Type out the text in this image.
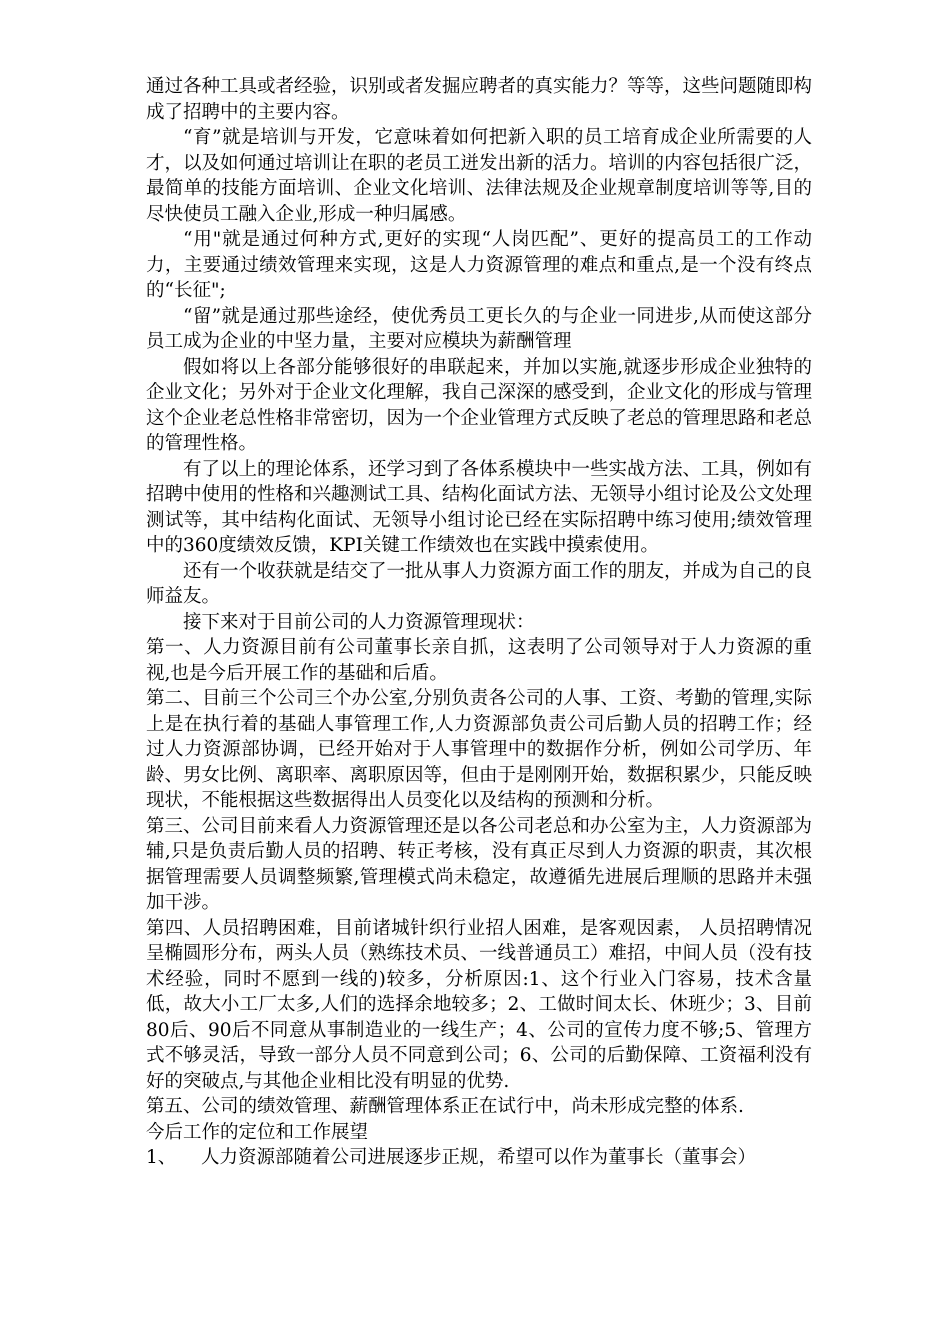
通过各种工具或者经验，识别或者发掘应聘者的真实能力？等等，这些问题随即构成了招聘中的主要内容。

“育”就是培训与开发，它意味着如何把新入职的员工培育成企业所需要的人才，以及如何通过培训让在职的老员工迸发出新的活力。培训的内容包括很广泛，最简单的技能方面培训、企业文化培训、法律法规及企业规章制度培训等等,目的尽快使员工融入企业,形成一种归属感。

“用"就是通过何种方式,更好的实现“人岗匹配”、更好的提高员工的工作动力，主要通过绩效管理来实现，这是人力资源管理的难点和重点,是一个没有终点的“长征";

“留”就是通过那些途经，使优秀员工更长久的与企业一同进步,从而使这部分员工成为企业的中坚力量，主要对应模块为薪酬管理

假如将以上各部分能够很好的串联起来，并加以实施,就逐步形成企业独特的企业文化；另外对于企业文化理解，我自己深深的感受到，企业文化的形成与管理这个企业老总性格非常密切，因为一个企业管理方式反映了老总的管理思路和老总的管理性格。

有了以上的理论体系，还学习到了各体系模块中一些实战方法、工具，例如有招聘中使用的性格和兴趣测试工具、结构化面试方法、无领导小组讨论及公文处理测试等，其中结构化面试、无领导小组讨论已经在实际招聘中练习使用;绩效管理中的360度绩效反馈，KPI关键工作绩效也在实践中摸索使用。

还有一个收获就是结交了一批从事人力资源方面工作的朋友，并成为自己的良师益友。

接下来对于目前公司的人力资源管理现状：

第一、人力资源目前有公司董事长亲自抓，这表明了公司领导对于人力资源的重视,也是今后开展工作的基础和后盾。

第二、目前三个公司三个办公室,分别负责各公司的人事、工资、考勤的管理,实际上是在执行着的基础人事管理工作,人力资源部负责公司后勤人员的招聘工作；经过人力资源部协调，已经开始对于人事管理中的数据作分析，例如公司学历、年龄、男女比例、离职率、离职原因等，但由于是刚刚开始，数据积累少，只能反映现状，不能根据这些数据得出人员变化以及结构的预测和分析。

第三、公司目前来看人力资源管理还是以各公司老总和办公室为主，人力资源部为辅,只是负责后勤人员的招聘、转正考核，没有真正尽到人力资源的职责，其次根据管理需要人员调整频繁,管理模式尚未稳定，故遵循先进展后理顺的思路并未强加干涉。

第四、人员招聘困难，目前诸城针织行业招人困难，是客观因素， 人员招聘情况呈椭圆形分布，两头人员（熟练技术员、一线普通员工）难招，中间人员（没有技术经验，同时不愿到一线的)较多，分析原因:1、这个行业入门容易，技术含量低，故大小工厂太多,人们的选择余地较多；2、工做时间太长、休班少；3、目前80后、90后不同意从事制造业的一线生产；4、公司的宣传力度不够;5、管理方式不够灵活，导致一部分人员不同意到公司；6、公司的后勤保障、工资福利没有好的突破点,与其他企业相比没有明显的优势.

第五、公司的绩效管理、薪酬管理体系正在试行中，尚未形成完整的体系.

今后工作的定位和工作展望

1、	人力资源部随着公司进展逐步正规，希望可以作为董事长（董事会）
